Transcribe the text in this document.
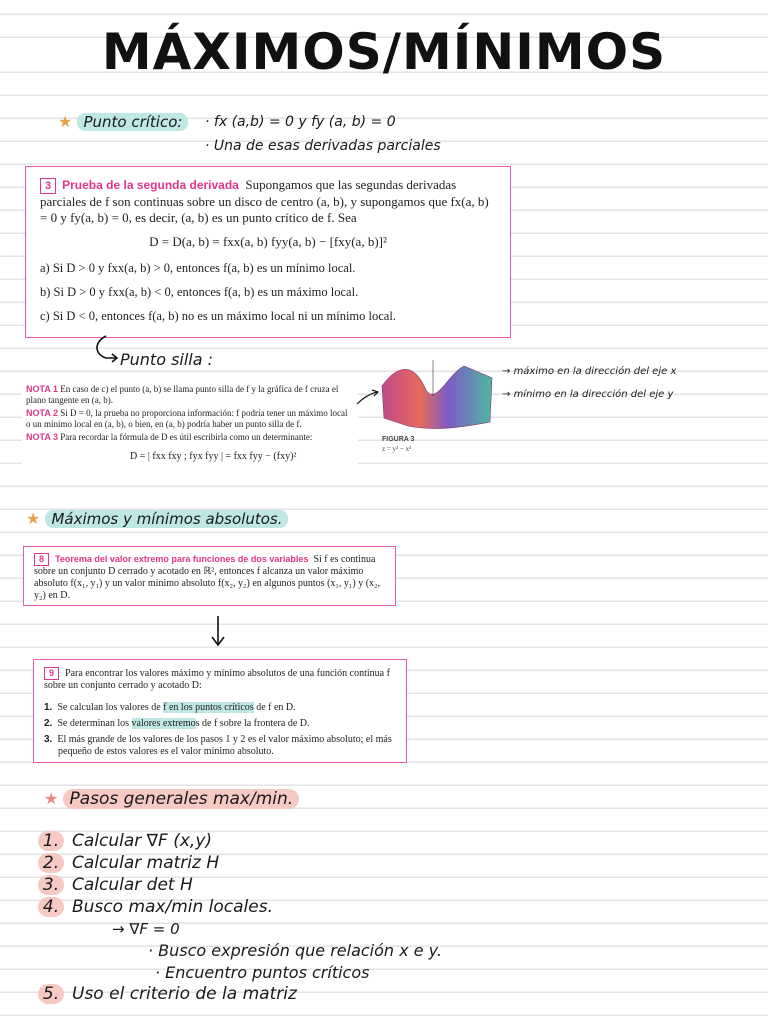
MÁXIMOS/MÍNIMOS
★ Punto crítico:	· fx (a,b) = 0 y fy (a, b) = 0
· Una de esas derivadas parciales
3 Prueba de la segunda derivada Supongamos que las segundas derivadas parciales de f son continuas sobre un disco de centro (a, b), y supongamos que fx(a, b) = 0 y fy(a, b) = 0, es decir, (a, b) es un punto crítico de f. Sea
D = D(a, b) = fxx(a, b) fyy(a, b) − [fxy(a, b)]²
a) Si D > 0 y fxx(a, b) > 0, entonces f(a, b) es un mínimo local.
b) Si D > 0 y fxx(a, b) < 0, entonces f(a, b) es un máximo local.
c) Si D < 0, entonces f(a, b) no es un máximo local ni un mínimo local.
Punto silla :
NOTA 1 En caso de c) el punto (a, b) se llama punto silla de f y la gráfica de f cruza el plano tangente en (a, b).
NOTA 2 Si D = 0, la prueba no proporciona información: f podría tener un máximo local o un mínimo local en (a, b), o bien, en (a, b) podría haber un punto silla de f.
NOTA 3 Para recordar la fórmula de D es útil escribirla como un determinante:
D = | fxx fxy ; fyx fyy | = fxx fyy − (fxy)²
FIGURA 3
z = y² − x²
→ máximo en la dirección del eje x
→ mínimo en la dirección del eje y
★ Máximos y mínimos absolutos.
8 Teorema del valor extremo para funciones de dos variables Si f es continua sobre un conjunto D cerrado y acotado en ℝ², entonces f alcanza un valor máximo absoluto f(x₁, y₁) y un valor mínimo absoluto f(x₂, y₂) en algunos puntos (x₁, y₁) y (x₂, y₂) en D.
9 Para encontrar los valores máximo y mínimo absolutos de una función continua f sobre un conjunto cerrado y acotado D:
1. Se calculan los valores de f en los puntos críticos de f en D.
2. Se determinan los valores extremos de f sobre la frontera de D.
3. El más grande de los valores de los pasos 1 y 2 es el valor máximo absoluto; el más pequeño de estos valores es el valor mínimo absoluto.
★ Pasos generales max/min.
1. Calcular ∇F (x,y)
2. Calcular matriz H
3. Calcular det H
4. Busco max/min locales.
→ ∇F = 0
· Busco expresión que relación x e y.
· Encuentro puntos críticos
5. Uso el criterio de la matriz
